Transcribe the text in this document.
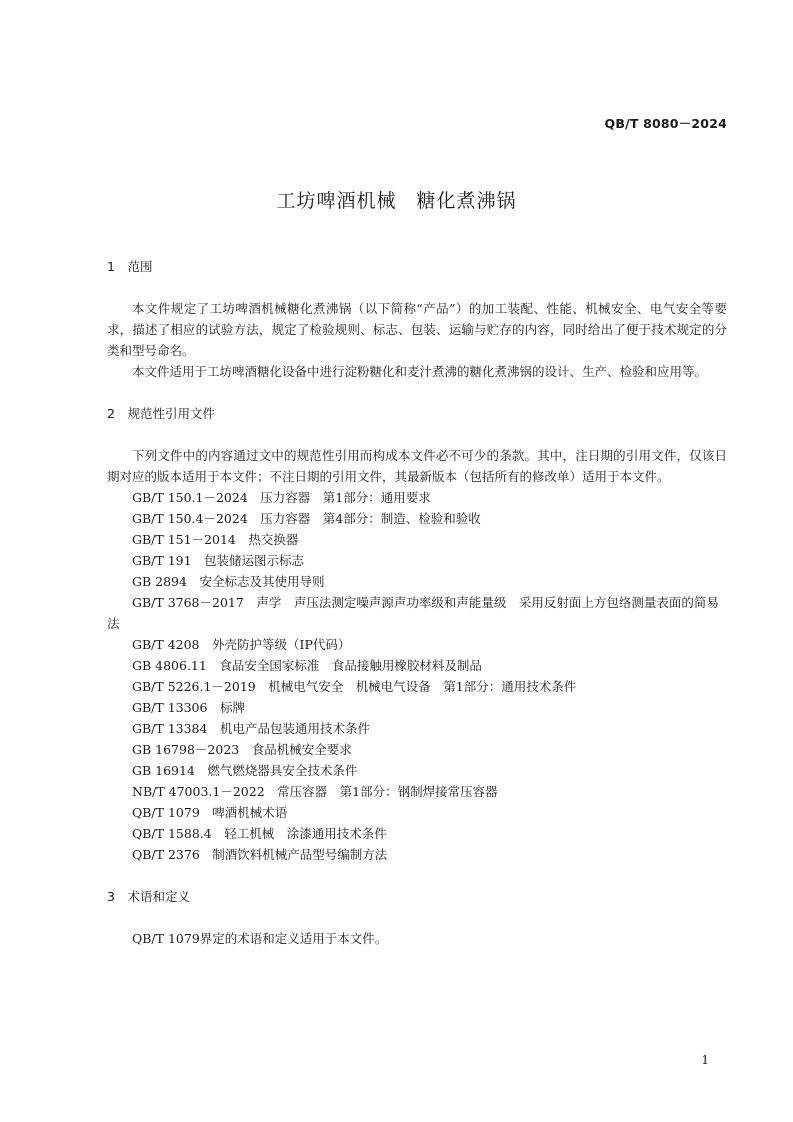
QB/T 8080－2024
工坊啤酒机械　糖化煮沸锅
1　范围

本文件规定了工坊啤酒机械糖化煮沸锅（以下简称“产品”）的加工装配、性能、机械安全、电气安全等要求，描述了相应的试验方法，规定了检验规则、标志、包装、运输与贮存的内容，同时给出了便于技术规定的分类和型号命名。

本文件适用于工坊啤酒糖化设备中进行淀粉糖化和麦汁煮沸的糖化煮沸锅的设计、生产、检验和应用等。

2　规范性引用文件

下列文件中的内容通过文中的规范性引用而构成本文件必不可少的条款。其中，注日期的引用文件，仅该日期对应的版本适用于本文件；不注日期的引用文件，其最新版本（包括所有的修改单）适用于本文件。

GB/T 150.1－2024　压力容器　第1部分：通用要求

GB/T 150.4－2024　压力容器　第4部分：制造、检验和验收

GB/T 151－2014　热交换器

GB/T 191　包装储运图示标志

GB 2894　安全标志及其使用导则

GB/T 3768－2017　声学　声压法测定噪声源声功率级和声能量级　采用反射面上方包络测量表面的简易法

GB/T 4208　外壳防护等级（IP代码）

GB 4806.11　食品安全国家标准　食品接触用橡胶材料及制品

GB/T 5226.1－2019　机械电气安全　机械电气设备　第1部分：通用技术条件

GB/T 13306　标牌

GB/T 13384　机电产品包装通用技术条件

GB 16798－2023　食品机械安全要求

GB 16914　燃气燃烧器具安全技术条件

NB/T 47003.1－2022　常压容器　第1部分：钢制焊接常压容器

QB/T 1079　啤酒机械术语

QB/T 1588.4　轻工机械　涂漆通用技术条件

QB/T 2376　制酒饮料机械产品型号编制方法

3　术语和定义

QB/T 1079界定的术语和定义适用于本文件。

1
